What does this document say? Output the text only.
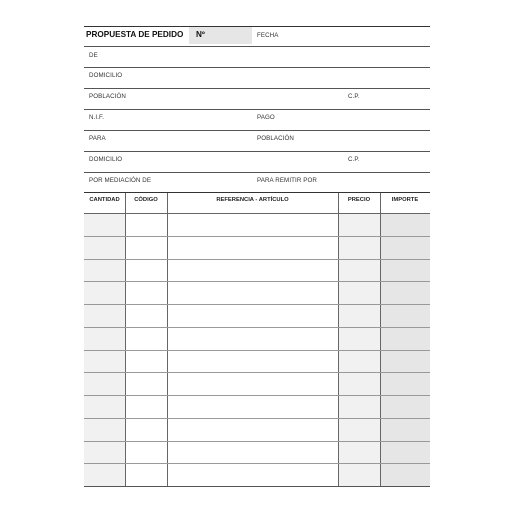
PROPUESTA DE PEDIDO Nº	FECHA
DE
DOMICILIO
POBLACIÓN	C.P.
N.I.F.	PAGO
PARA	POBLACIÓN
DOMICILIO	C.P.
POR MEDIACIÓN DE	PARA REMITIR POR
CANTIDAD	CÓDIGO	REFERENCIA - ARTÍCULO	PRECIO	IMPORTE
